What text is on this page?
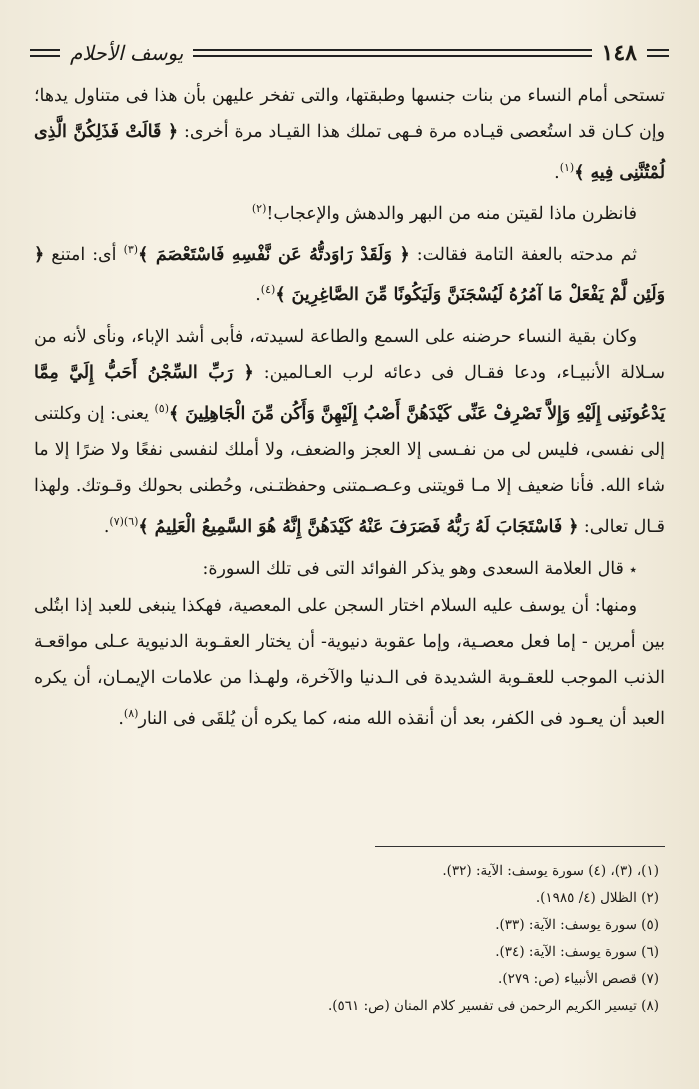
١٤٨
يوسف الأحلام

تستحى أمام النساء من بنات جنسها وطبقتها، والتى تفخر عليهن بأن هذا فى متناول يدها؛ وإن كـان قد استُعصى قيـاده مرة فـهى تملك هذا القيـاد مرة أخرى: ﴿ قَالَتْ فَذَلِكُنَّ الَّذِى لُمْتُنَّنِى فِيهِ ﴾$^{(١)}$.

فانظرن ماذا لقيتن منه من البهر والدهش والإعجاب!$^{(٢)}$

ثم مدحته بالعفة التامة فقالت: ﴿ وَلَقَدْ رَاوَدتُّهُ عَن نَّفْسِهِ فَاسْتَعْصَمَ ﴾$^{(٣)}$ أى: امتنع ﴿ وَلَئِن لَّمْ يَفْعَلْ مَا آمُرُهُ لَيُسْجَنَنَّ وَلَيَكُونًا مِّنَ الصَّاغِرِينَ ﴾$^{(٤)}$.

وكان بقية النساء حرضنه على السمع والطاعة لسيدته، فأبى أشد الإباء، ونأى لأنه من سـلالة الأنبيـاء، ودعا فقـال فى دعائه لرب العـالمين: ﴿ رَبِّ السِّجْنُ أَحَبُّ إِلَيَّ مِمَّا يَدْعُونَنِى إِلَيْهِ وَإِلاَّ تَصْرِفْ عَنِّى كَيْدَهُنَّ أَصْبُ إِلَيْهِنَّ وَأَكُن مِّنَ الْجَاهِلِينَ ﴾$^{(٥)}$ يعنى: إن وكلتنى إلى نفسى، فليس لى من نفـسى إلا العجز والضعف، ولا أملك لنفسى نفعًا ولا ضرًا إلا ما شاء الله. فأنا ضعيف إلا مـا قويتنى وعـصـمتنى وحفظتـنى، وحُطنى بحولك وقـوتك. ولهذا قـال تعالى: ﴿ فَاسْتَجَابَ لَهُ رَبُّهُ فَصَرَفَ عَنْهُ كَيْدَهُنَّ إِنَّهُ هُوَ السَّمِيعُ الْعَلِيمُ ﴾$^{(٦)(٧)}$.

٭ قال العلامة السعدى وهو يذكر الفوائد التى فى تلك السورة:

ومنها: أن يوسف عليه السلام اختار السجن على المعصية، فهكذا ينبغى للعبد إذا ابتُلى بين أمرين - إما فعل معصـية، وإما عقوبة دنيوية- أن يختار العقـوبة الدنيوية عـلى مواقعـة الذنب الموجب للعقـوبة الشديدة فى الـدنيا والآخرة، ولهـذا من علامات الإيمـان، أن يكره العبد أن يعـود فى الكفر، بعد أن أنقذه الله منه، كما يكره أن يُلقَى فى النار$^{(٨)}$.

(١)، (٣)، (٤) سورة يوسف: الآية: (٣٢).
(٢) الظلال (٤/ ١٩٨٥).
(٥) سورة يوسف: الآية: (٣٣).
(٦) سورة يوسف: الآية: (٣٤).
(٧) قصص الأنبياء (ص: ٢٧٩).
(٨) تيسير الكريم الرحمن فى تفسير كلام المنان (ص: ٥٦١).
